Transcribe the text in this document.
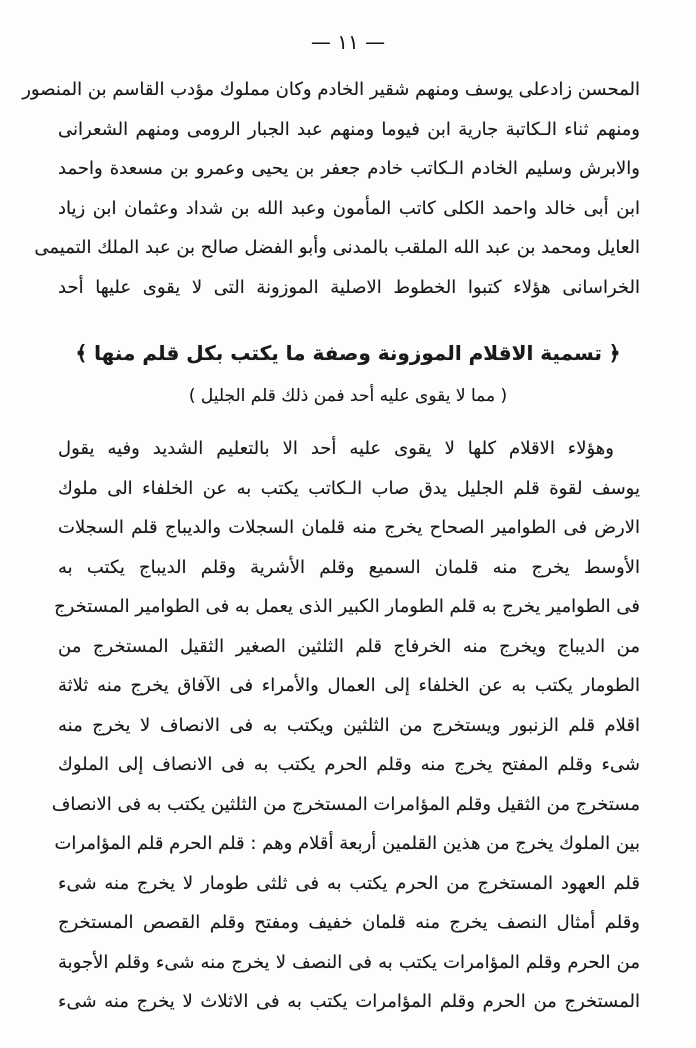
— ١١ —
المحسن زادعلى يوسف ومنهم شقير الخادم وكان مملوك مؤدب القاسم بن المنصور
ومنهم ثناء الـكاتبة جارية ابن فيوما ومنهم عبد الجبار الرومى ومنهم الشعرانى
والابرش وسليم الخادم الـكاتب خادم جعفر بن يحيى وعمرو بن مسعدة واحمد
ابن أبى خالد واحمد الكلى كاتب المأمون وعبد الله بن شداد وعثمان ابن زياد
العايل ومحمد بن عبد الله الملقب بالمدنى وأبو الفضل صالح بن عبد الملك التميمى
الخراسانى هؤلاء كتبوا الخطوط الاصلية الموزونة التى لا يقوى عليها أحد
﴿ تسمية الاقلام الموزونة وصفة ما يكتب بكل قلم منها ﴾
( مما لا يقوى عليه أحد فمن ذلك قلم الجليل )
وهؤلاء الاقلام كلها لا يقوى عليه أحد الا بالتعليم الشديد وفيه يقول
يوسف لقوة قلم الجليل يدق صاب الـكاتب يكتب به عن الخلفاء الى ملوك
الارض فى الطوامير الصحاح يخرج منه قلمان السجلات والديباج قلم السجلات
الأوسط يخرج منه قلمان السميع وقلم الأشرية وقلم الديباج يكتب به
فى الطوامير يخرج به قلم الطومار الكبير الذى يعمل به فى الطوامير المستخرج
من الديباج ويخرج منه الخرفاج قلم الثلثين الصغير الثقيل المستخرج من
الطومار يكتب به عن الخلفاء إلى العمال والأمراء فى الآفاق يخرج منه ثلاثة
اقلام قلم الزنبور ويستخرج من الثلثين ويكتب به فى الانصاف لا يخرج منه
شىء وقلم المفتح يخرج منه وقلم الحرم يكتب به فى الانصاف إلى الملوك
مستخرج من الثقيل وقلم المؤامرات المستخرج من الثلثين يكتب به فى الانصاف
بين الملوك يخرج من هذين القلمين أربعة أقلام وهم : قلم الحرم قلم المؤامرات
قلم العهود المستخرج من الحرم يكتب به فى ثلثى طومار لا يخرج منه شىء
وقلم أمثال النصف يخرج منه قلمان خفيف ومفتح وقلم القصص المستخرج
من الحرم وقلم المؤامرات يكتب به فى النصف لا يخرج منه شىء وقلم الأجوبة
المستخرج من الحرم وقلم المؤامرات يكتب به فى الاثلاث لا يخرج منه شىء
